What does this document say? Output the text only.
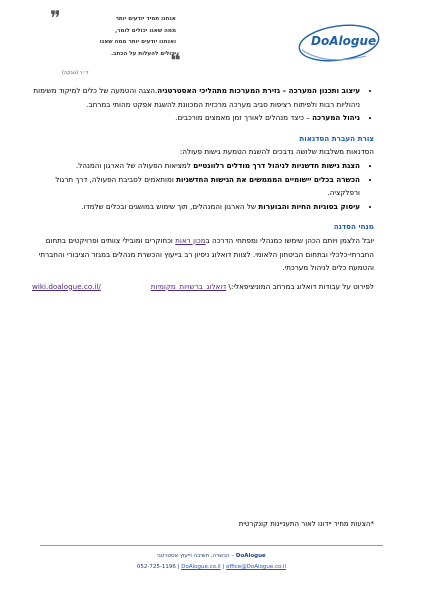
❞	אנחנו תמיד יודעים יותר
ממה שאנו יכולים לומר,
ואנחנו יודעים יותר ממה שאנו
יכולים להעלות על הכתב.
❝
ד״ר (נונקה)
DoAlogue
• עיצוב ותכנון המערכה – גזירת המערכות מתהליכי האסטרטגיה.הצגה והטמעה של כלים למיקוד משימות ניהוליות רבות ולפיתוח רציפות סביב מערכה מרכזית המכוונת להשגת אפקט מהותי במרחב.
• ניהול המערכה – כיצד מנהלים לאורך זמן מאמצים מורכבים.

צורת העברת הסדנאות

הסדנאות משלבות שלושה נדבכים להשגת הטמעת גישות פעולה:

• הצגת גישות חדשניות לניהול דרך מודלים רלוונטיים למציאות הפעולה של הארגון והמנהל.
• הכשרה בכלים יישומיים המממשים את הגישות החדשניות ומותאמים לסביבת הפעולה, דרך תרגול ורפלקציה.
• עיסוק בסוגיות החיות והבוערות של הארגון והמנהלים, תוך שימוש במושגים ובכלים שלמדו.

מנחי הסדנה

יובל הלצמן ויותם הכהן שימשו כמנהלי ומפתחי הדרכה במכון ראות וכחוקרים ומובילי צוותים ופרויקטים בתחום החברתי-כלכלי ובתחום הביטחון הלאומי. לצוות דואלוג ניסיון רב בייעוץ והכשרת מנהלים במגזר הציבורי והחברתי והטמעת כלים לניהול מערכתי.

לפירוט על עבודות דואלוג במרחב המוניציפאלי:\ דואלוג_ברשויות_מקומיות
wiki.doalogue.co.il/
*הצעות מחיר יידונו לאור התעניינות קונקרטית
DoAlogue – הכשרה, חשיבה וייעוץ אסטרטגי
052-725-1196 | DoAlogue.co.il | office@DoAlogue.co.il
